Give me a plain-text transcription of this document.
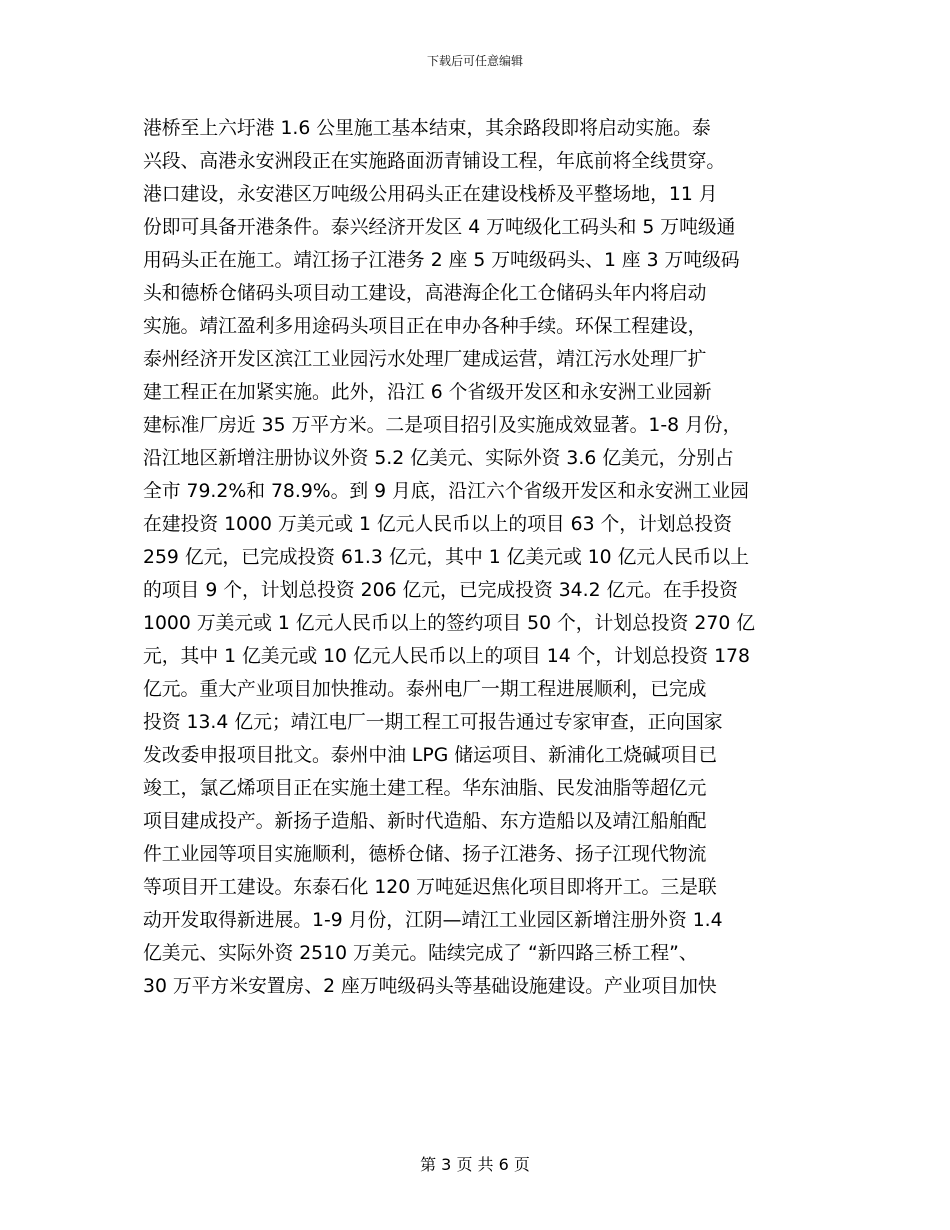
下载后可任意编辑
港桥至上六圩港 1.6 公里施工基本结束，其余路段即将启动实施。泰
兴段、高港永安洲段正在实施路面沥青铺设工程，年底前将全线贯穿。
港口建设，永安港区万吨级公用码头正在建设栈桥及平整场地，11 月
份即可具备开港条件。泰兴经济开发区 4 万吨级化工码头和 5 万吨级通
用码头正在施工。靖江扬子江港务 2 座 5 万吨级码头、1 座 3 万吨级码
头和德桥仓储码头项目动工建设，高港海企化工仓储码头年内将启动
实施。靖江盈利多用途码头项目正在申办各种手续。环保工程建设，
泰州经济开发区滨江工业园污水处理厂建成运营，靖江污水处理厂扩
建工程正在加紧实施。此外，沿江 6 个省级开发区和永安洲工业园新
建标准厂房近 35 万平方米。二是项目招引及实施成效显著。1-8 月份，
沿江地区新增注册协议外资 5.2 亿美元、实际外资 3.6 亿美元，分别占
全市 79.2%和 78.9%。到 9 月底，沿江六个省级开发区和永安洲工业园
在建投资 1000 万美元或 1 亿元人民币以上的项目 63 个，计划总投资
259 亿元，已完成投资 61.3 亿元，其中 1 亿美元或 10 亿元人民币以上
的项目 9 个，计划总投资 206 亿元，已完成投资 34.2 亿元。在手投资
1000 万美元或 1 亿元人民币以上的签约项目 50 个，计划总投资 270 亿
元，其中 1 亿美元或 10 亿元人民币以上的项目 14 个，计划总投资 178
亿元。重大产业项目加快推动。泰州电厂一期工程进展顺利，已完成
投资 13.4 亿元；靖江电厂一期工程工可报告通过专家审查，正向国家
发改委申报项目批文。泰州中油 LPG 储运项目、新浦化工烧碱项目已
竣工，氯乙烯项目正在实施土建工程。华东油脂、民发油脂等超亿元
项目建成投产。新扬子造船、新时代造船、东方造船以及靖江船舶配
件工业园等项目实施顺利，德桥仓储、扬子江港务、扬子江现代物流
等项目开工建设。东泰石化 120 万吨延迟焦化项目即将开工。三是联
动开发取得新进展。1-9 月份，江阴—靖江工业园区新增注册外资 1.4
亿美元、实际外资 2510 万美元。陆续完成了 “新四路三桥工程”、
30 万平方米安置房、2 座万吨级码头等基础设施建设。产业项目加快
第 3 页 共 6 页
